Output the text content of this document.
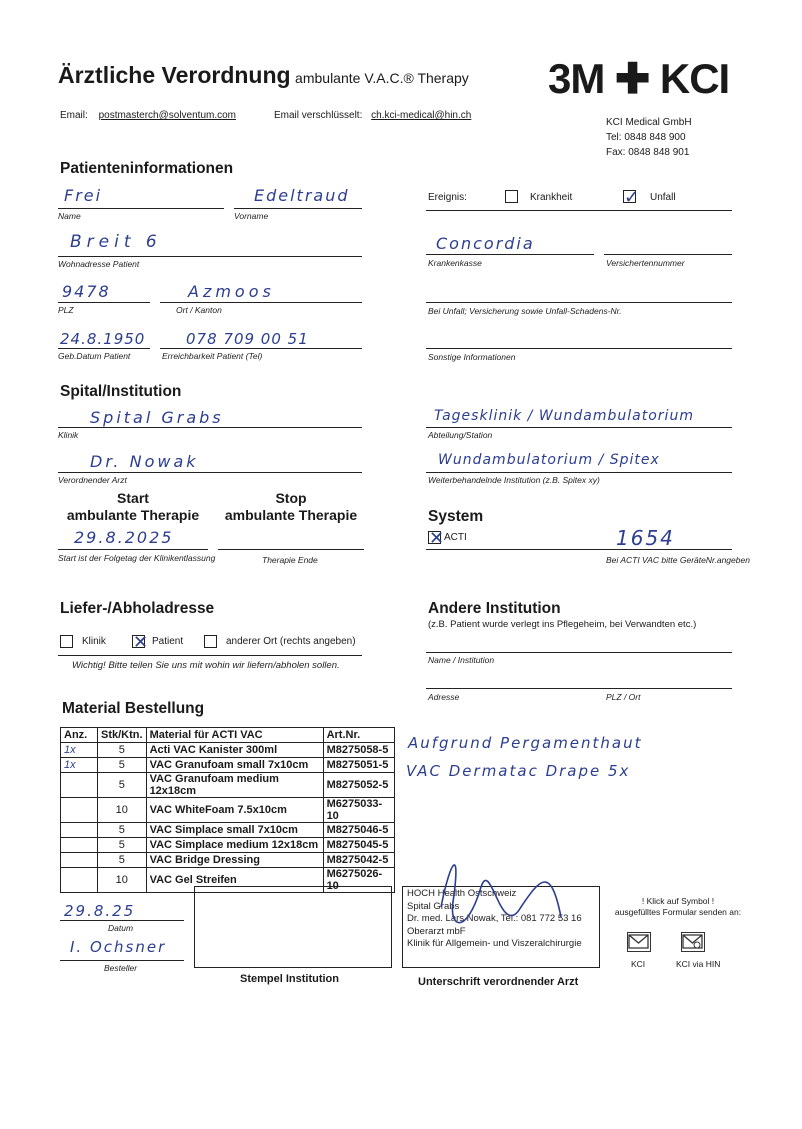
Ärztliche Verordnung ambulante V.A.C.® Therapy 3M ✚ KCI
Email: postmasterch@solventum.com	Email verschlüsselt: ch.kci-medical@hin.ch
KCI Medical GmbH
Tel: 0848 848 900
Fax: 0848 848 901
Patienteninformationen
Frei	Edeltraud
Name	Vorname
Breit 6
Wohnadresse Patient
9478	Azmoos
PLZ	Ort / Kanton
24.8.1950	078 709 00 51
Geb.Datum Patient	Erreichbarkeit Patient (Tel)
Ereignis:	Krankheit	✓ Unfall
Concordia
Krankenkasse	Versichertennummer
Bei Unfall; Versicherung sowie Unfall-Schadens-Nr.
Sonstige Informationen
Spital/Institution
Spital Grabs
Klinik
Dr. Nowak
Verordnender Arzt
Tagesklinik / Wundambulatorium
Abteilung/Station
Wundambulatorium / Spitex
Weiterbehandelnde Institution (z.B. Spitex xy)
Start
ambulante Therapie
Stop
ambulante Therapie
29.8.2025
Start ist der Folgetag der Klinikentlassung	Therapie Ende
System
✕ ACTI	1654
Bei ACTI VAC bitte GeräteNr.angeben
Liefer-/Abholadresse
Klinik ✕ Patient	anderer Ort (rechts angeben)
Wichtig! Bitte teilen Sie uns mit wohin wir liefern/abholen sollen.
Andere Institution
(z.B. Patient wurde verlegt ins Pflegeheim, bei Verwandten etc.)
Name / Institution
Adresse	PLZ / Ort
Material Bestellung
Anz.	Stk/Ktn.	Material für ACTI VAC	Art.Nr.
1x	5	Acti VAC Kanister 300ml	M8275058-5
1x	5	VAC Granufoam small 7x10cm	M8275051-5
	5	VAC Granufoam medium 12x18cm	M8275052-5
	10	VAC WhiteFoam 7.5x10cm	M6275033-10
	5	VAC Simplace small 7x10cm	M8275046-5
	5	VAC Simplace medium 12x18cm	M8275045-5
	5	VAC Bridge Dressing	M8275042-5
	10	VAC Gel Streifen	M6275026-10
Aufgrund Pergamenthaut
VAC Dermatac Drape 5x
29.8.25
Datum
I. Ochsner
Besteller
Stempel Institution
HOCH Health Ostschweiz
Spital Grabs
Dr. med. Lars Nowak, Tel.: 081 772 53 16
Oberarzt mbF
Klinik für Allgemein- und Viszeralchirurgie
Unterschrift verordnender Arzt
! Klick auf Symbol !
ausgefülltes Formular senden an:
KCI	KCI via HIN
